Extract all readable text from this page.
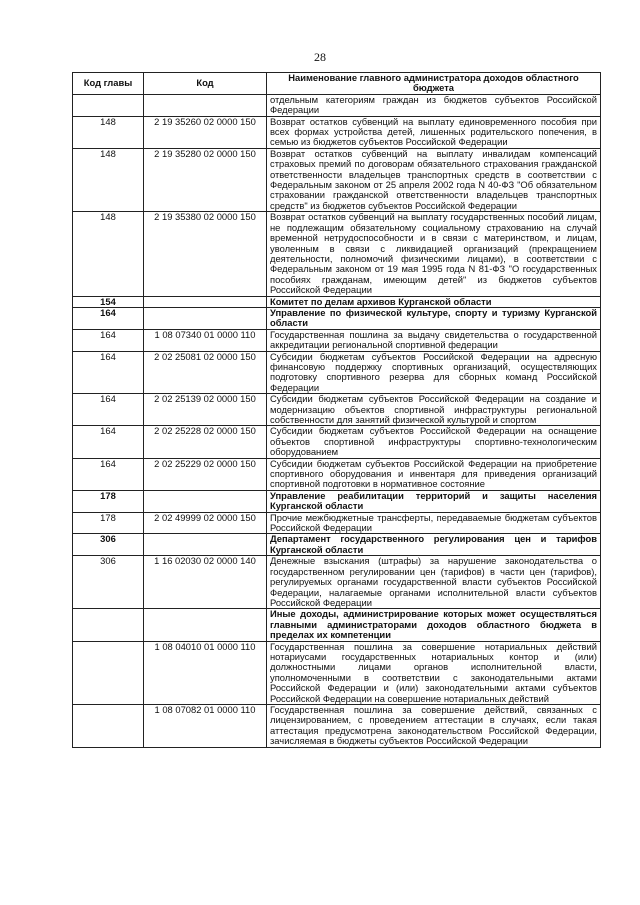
28
Код главы	Код	Наименование главного администратора доходов областного бюджета
		отдельным категориям граждан из бюджетов субъектов Российской Федерации
148	2 19 35260 02 0000 150	Возврат остатков субвенций на выплату единовременного пособия при всех формах устройства детей, лишенных родительского попечения, в семью из бюджетов субъектов Российской Федерации
148	2 19 35280 02 0000 150	Возврат остатков субвенций на выплату инвалидам компенсаций страховых премий по договорам обязательного страхования гражданской ответственности владельцев транспортных средств в соответствии с Федеральным законом от 25 апреля 2002 года N 40-ФЗ "Об обязательном страховании гражданской ответственности владельцев транспортных средств" из бюджетов субъектов Российской Федерации
148	2 19 35380 02 0000 150	Возврат остатков субвенций на выплату государственных пособий лицам, не подлежащим обязательному социальному страхованию на случай временной нетрудоспособности и в связи с материнством, и лицам, уволенным в связи с ликвидацией организаций (прекращением деятельности, полномочий физическими лицами), в соответствии с Федеральным законом от 19 мая 1995 года N 81-ФЗ "О государственных пособиях гражданам, имеющим детей" из бюджетов субъектов Российской Федерации
154		Комитет по делам архивов Курганской области
164		Управление по физической культуре, спорту и туризму Курганской области
164	1 08 07340 01 0000 110	Государственная пошлина за выдачу свидетельства о государственной аккредитации региональной спортивной федерации
164	2 02 25081 02 0000 150	Субсидии бюджетам субъектов Российской Федерации на адресную финансовую поддержку спортивных организаций, осуществляющих подготовку спортивного резерва для сборных команд Российской Федерации
164	2 02 25139 02 0000 150	Субсидии бюджетам субъектов Российской Федерации на создание и модернизацию объектов спортивной инфраструктуры региональной собственности для занятий физической культурой и спортом
164	2 02 25228 02 0000 150	Субсидии бюджетам субъектов Российской Федерации на оснащение объектов спортивной инфраструктуры спортивно-технологическим оборудованием
164	2 02 25229 02 0000 150	Субсидии бюджетам субъектов Российской Федерации на приобретение спортивного оборудования и инвентаря для приведения организаций спортивной подготовки в нормативное состояние
178		Управление реабилитации территорий и защиты населения Курганской области
178	2 02 49999 02 0000 150	Прочие межбюджетные трансферты, передаваемые бюджетам субъектов Российской Федерации
306		Департамент государственного регулирования цен и тарифов Курганской области
306	1 16 02030 02 0000 140	Денежные взыскания (штрафы) за нарушение законодательства о государственном регулировании цен (тарифов) в части цен (тарифов), регулируемых органами государственной власти субъектов Российской Федерации, налагаемые органами исполнительной власти субъектов Российской Федерации
		Иные доходы, администрирование которых может осуществляться главными администраторами доходов областного бюджета в пределах их компетенции
	1 08 04010 01 0000 110	Государственная пошлина за совершение нотариальных действий нотариусами государственных нотариальных контор и (или) должностными лицами органов исполнительной власти, уполномоченными в соответствии с законодательными актами Российской Федерации и (или) законодательными актами субъектов Российской Федерации на совершение нотариальных действий
	1 08 07082 01 0000 110	Государственная пошлина за совершение действий, связанных с лицензированием, с проведением аттестации в случаях, если такая аттестация предусмотрена законодательством Российской Федерации, зачисляемая в бюджеты субъектов Российской Федерации
